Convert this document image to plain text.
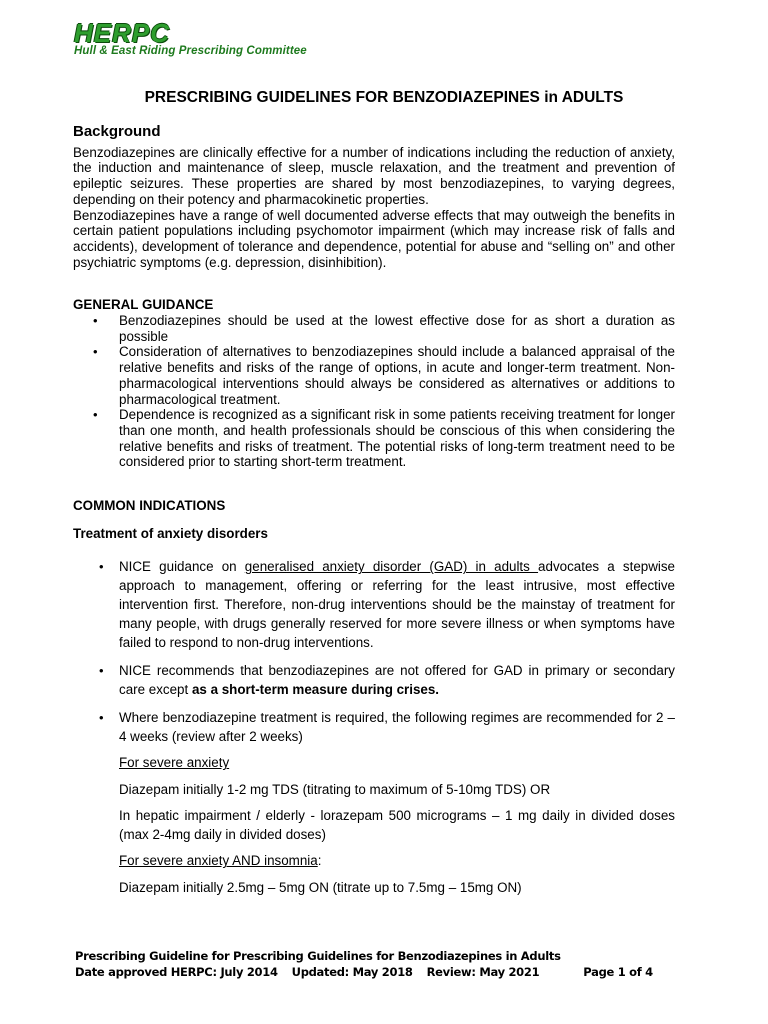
HERPC
Hull & East Riding Prescribing Committee
PRESCRIBING GUIDELINES FOR BENZODIAZEPINES in ADULTS
Background

Benzodiazepines are clinically effective for a number of indications including the reduction of anxiety, the induction and maintenance of sleep, muscle relaxation, and the treatment and prevention of epileptic seizures. These properties are shared by most benzodiazepines, to varying degrees, depending on their potency and pharmacokinetic properties.

Benzodiazepines have a range of well documented adverse effects that may outweigh the benefits in certain patient populations including psychomotor impairment (which may increase risk of falls and accidents), development of tolerance and dependence, potential for abuse and “selling on” and other psychiatric symptoms (e.g. depression, disinhibition).

GENERAL GUIDANCE
• Benzodiazepines should be used at the lowest effective dose for as short a duration as possible
• Consideration of alternatives to benzodiazepines should include a balanced appraisal of the relative benefits and risks of the range of options, in acute and longer-term treatment. Non-pharmacological interventions should always be considered as alternatives or additions to pharmacological treatment.
• Dependence is recognized as a significant risk in some patients receiving treatment for longer than one month, and health professionals should be conscious of this when considering the relative benefits and risks of treatment. The potential risks of long-term treatment need to be considered prior to starting short-term treatment.
COMMON INDICATIONS
Treatment of anxiety disorders
• NICE guidance on generalised anxiety disorder (GAD) in adults advocates a stepwise approach to management, offering or referring for the least intrusive, most effective intervention first. Therefore, non-drug interventions should be the mainstay of treatment for many people, with drugs generally reserved for more severe illness or when symptoms have failed to respond to non-drug interventions.
• NICE recommends that benzodiazepines are not offered for GAD in primary or secondary care except as a short-term measure during crises.
• Where benzodiazepine treatment is required, the following regimes are recommended for 2 – 4 weeks (review after 2 weeks)

For severe anxiety

Diazepam initially 1-2 mg TDS (titrating to maximum of 5-10mg TDS) OR

In hepatic impairment / elderly - lorazepam 500 micrograms – 1 mg daily in divided doses (max 2-4mg daily in divided doses)

For severe anxiety AND insomnia:

Diazepam initially 2.5mg – 5mg ON (titrate up to 7.5mg – 15mg ON)

Prescribing Guideline for Prescribing Guidelines for Benzodiazepines in Adults
Date approved HERPC: July 2014 Updated: May 2018 Review: May 2021	Page 1 of 4
